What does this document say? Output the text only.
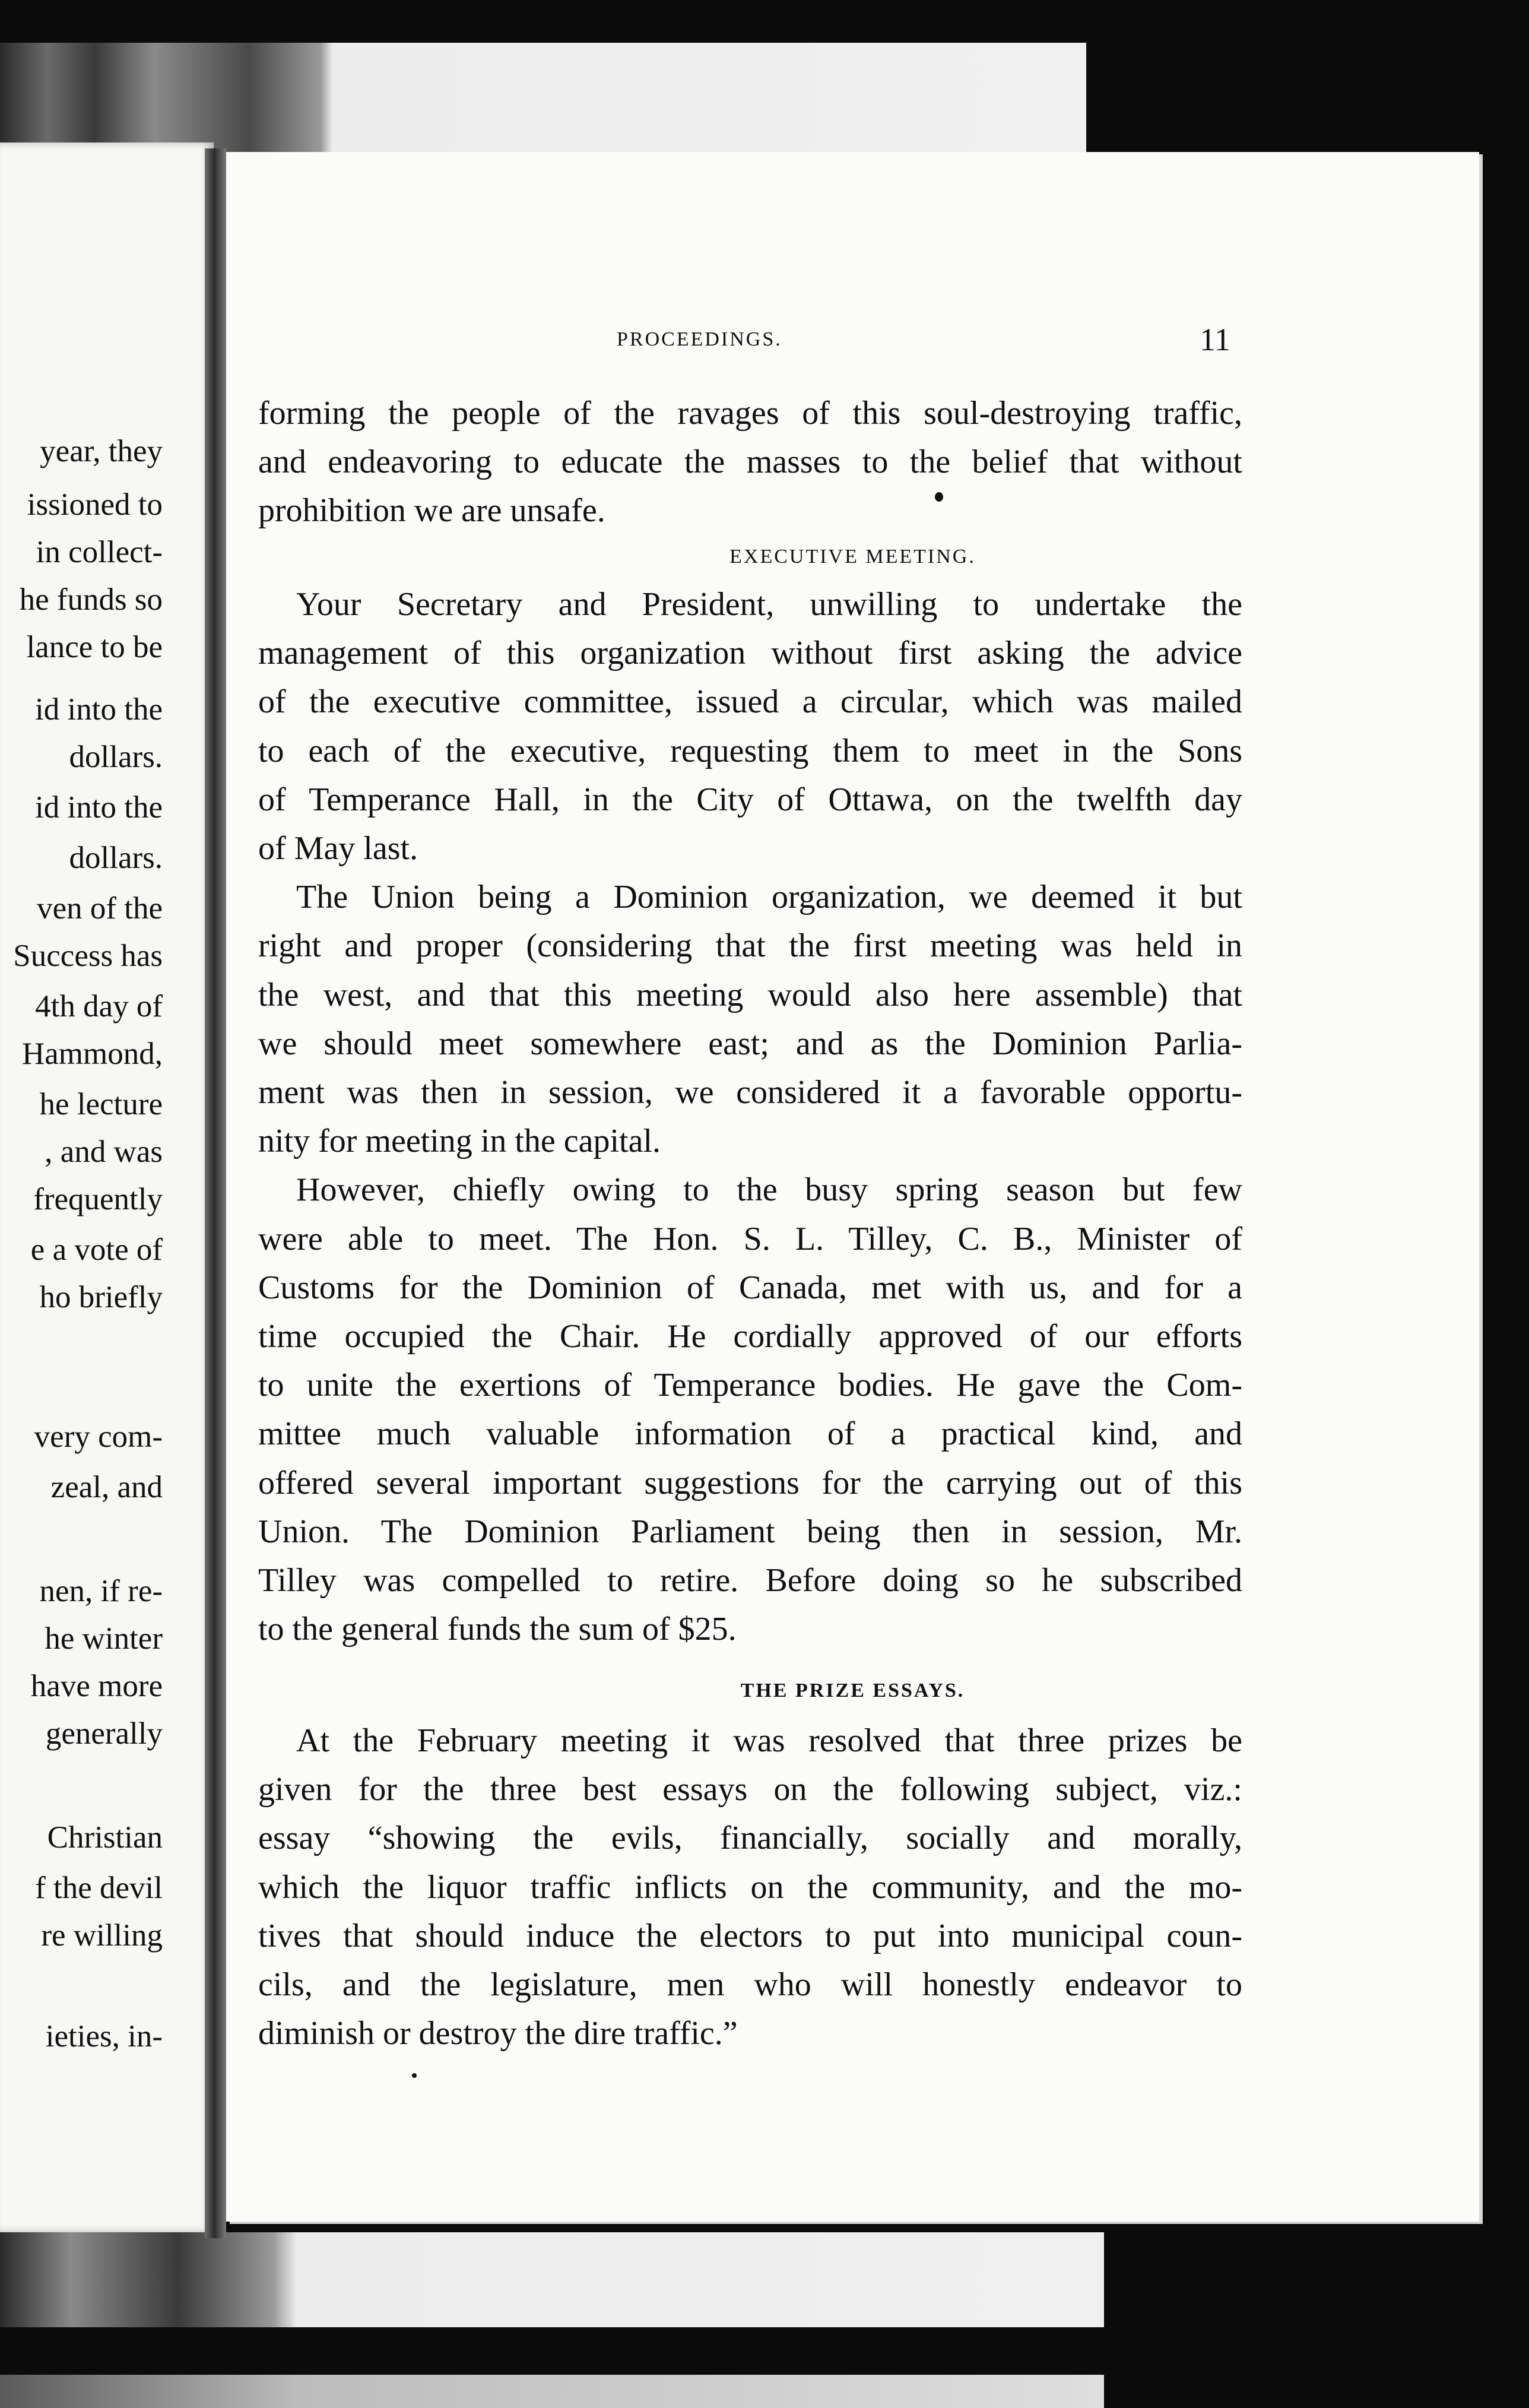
year, they

issioned to

in collect-

he funds so

lance to be

id into the

dollars.

id into the

dollars.

ven of the

Success has

4th day of

Hammond,

he lecture

, and was

frequently

e a vote of

ho briefly

very com-

zeal, and

nen, if re-

he winter

have more

generally

Christian

f the devil

re willing

ieties, in-

PROCEEDINGS.	11

EXECUTIVE MEETING.

THE PRIZE ESSAYS.

forming the people of the ravages of this soul-destroying traffic,

and endeavoring to educate the masses to the belief that without

prohibition we are unsafe.

Your Secretary and President, unwilling to undertake the

management of this organization without first asking the advice

of the executive committee, issued a circular, which was mailed

to each of the executive, requesting them to meet in the Sons

of Temperance Hall, in the City of Ottawa, on the twelfth day

of May last.

The Union being a Dominion organization, we deemed it but

right and proper (considering that the first meeting was held in

the west, and that this meeting would also here assemble) that

we should meet somewhere east; and as the Dominion Parlia-

ment was then in session, we considered it a favorable opportu-

nity for meeting in the capital.

However, chiefly owing to the busy spring season but few

were able to meet. The Hon. S. L. Tilley, C. B., Minister of

Customs for the Dominion of Canada, met with us, and for a

time occupied the Chair. He cordially approved of our efforts

to unite the exertions of Temperance bodies. He gave the Com-

mittee much valuable information of a practical kind, and

offered several important suggestions for the carrying out of this

Union. The Dominion Parliament being then in session, Mr.

Tilley was compelled to retire. Before doing so he subscribed

to the general funds the sum of $25.

At the February meeting it was resolved that three prizes be

given for the three best essays on the following subject, viz.:

essay “showing the evils, financially, socially and morally,

which the liquor traffic inflicts on the community, and the mo-

tives that should induce the electors to put into municipal coun-

cils, and the legislature, men who will honestly endeavor to

diminish or destroy the dire traffic.”
